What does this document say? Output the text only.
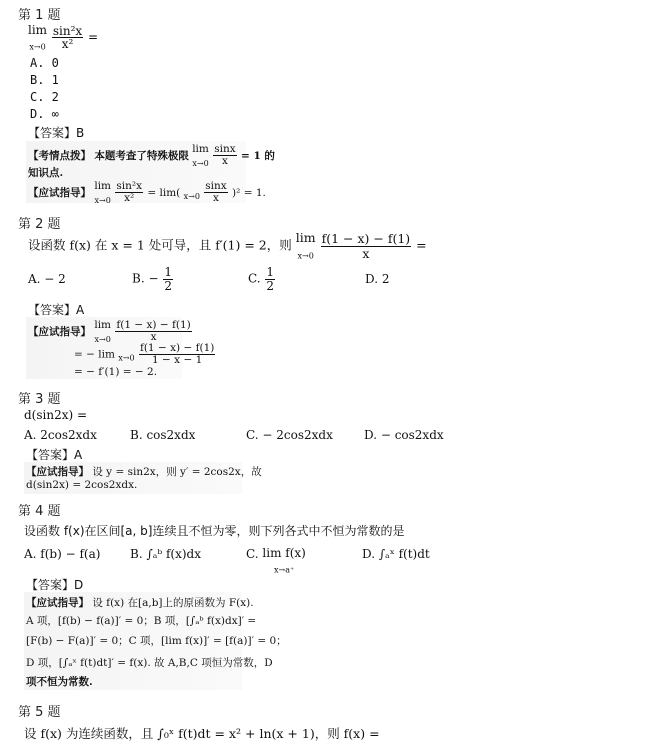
第 1 题
lim
$_{x\to 0} \frac{\text{sin²x}}{\text{x²}}$ =
A. 0
B. 1
C. 2
D. ∞
【答案】B
【考情点拨】 本题考查了特殊极限 lim
$_{x\to 0} \frac{\sin x}{x} = 1$ 的
知识点.
【应试指导】 lim
$_{x\to 0} \frac{\text{sin²x}}{\text{x²}} = \lim$( $_{x\to 0} \frac{\sin x}{x} )^2 = 1$.
第 2 题
设函数 f(x) 在 x = 1 处可导，且 f′(1) = 2，则 lim
$_{x\to 0} \frac{f(1 - x) - f(1)}{x}$ =
A. − 2	B. − $\frac{1}{2}$	C. $\frac{1}{2}$	D. 2
【答案】A
【应试指导】 lim
$_{x\to 0} \frac{f(1 - x) - f(1)}{x}$
= − $\lim _{x\to 0} \frac{f(1 - x) - f(1)}{1 - x - 1}$
= − f′(1) = − 2.
第 3 题
d(sin2x) =
A. 2cos2xdx	B. cos2xdx	C. − 2cos2xdx	D. − cos2xdx
【答案】A
【应试指导】 设 y = sin2x，则 y′ = 2cos2x，故
d(sin2x) = 2cos2xdx.
第 4 题
设函数 f(x)在区间[a, b]连续且不恒为零，则下列各式中不恒为常数的是
A. f(b) − f(a) B. ∫ₐᵇ f(x)dx	C. lim f(x)
$_{x\to a^+}$
D. ∫ₐˣ f(t)dt
【答案】D
【应试指导】 设 f(x) 在[a,b]上的原函数为 F(x).
A 项，[f(b) − f(a)]′ = 0；B 项，[∫ₐᵇ f(x)dx]′ =
[F(b) − F(a)]′ = 0；C 项，[lim f(x)]′ = [f(a)]′ = 0；
D 项，[∫ₐˣ f(t)dt]′ = f(x). 故 A,B,C 项恒为常数，D
项不恒为常数.
第 5 题
设 f(x) 为连续函数，且 ∫₀ˣ f(t)dt = x² + ln(x + 1)，则 f(x) =
